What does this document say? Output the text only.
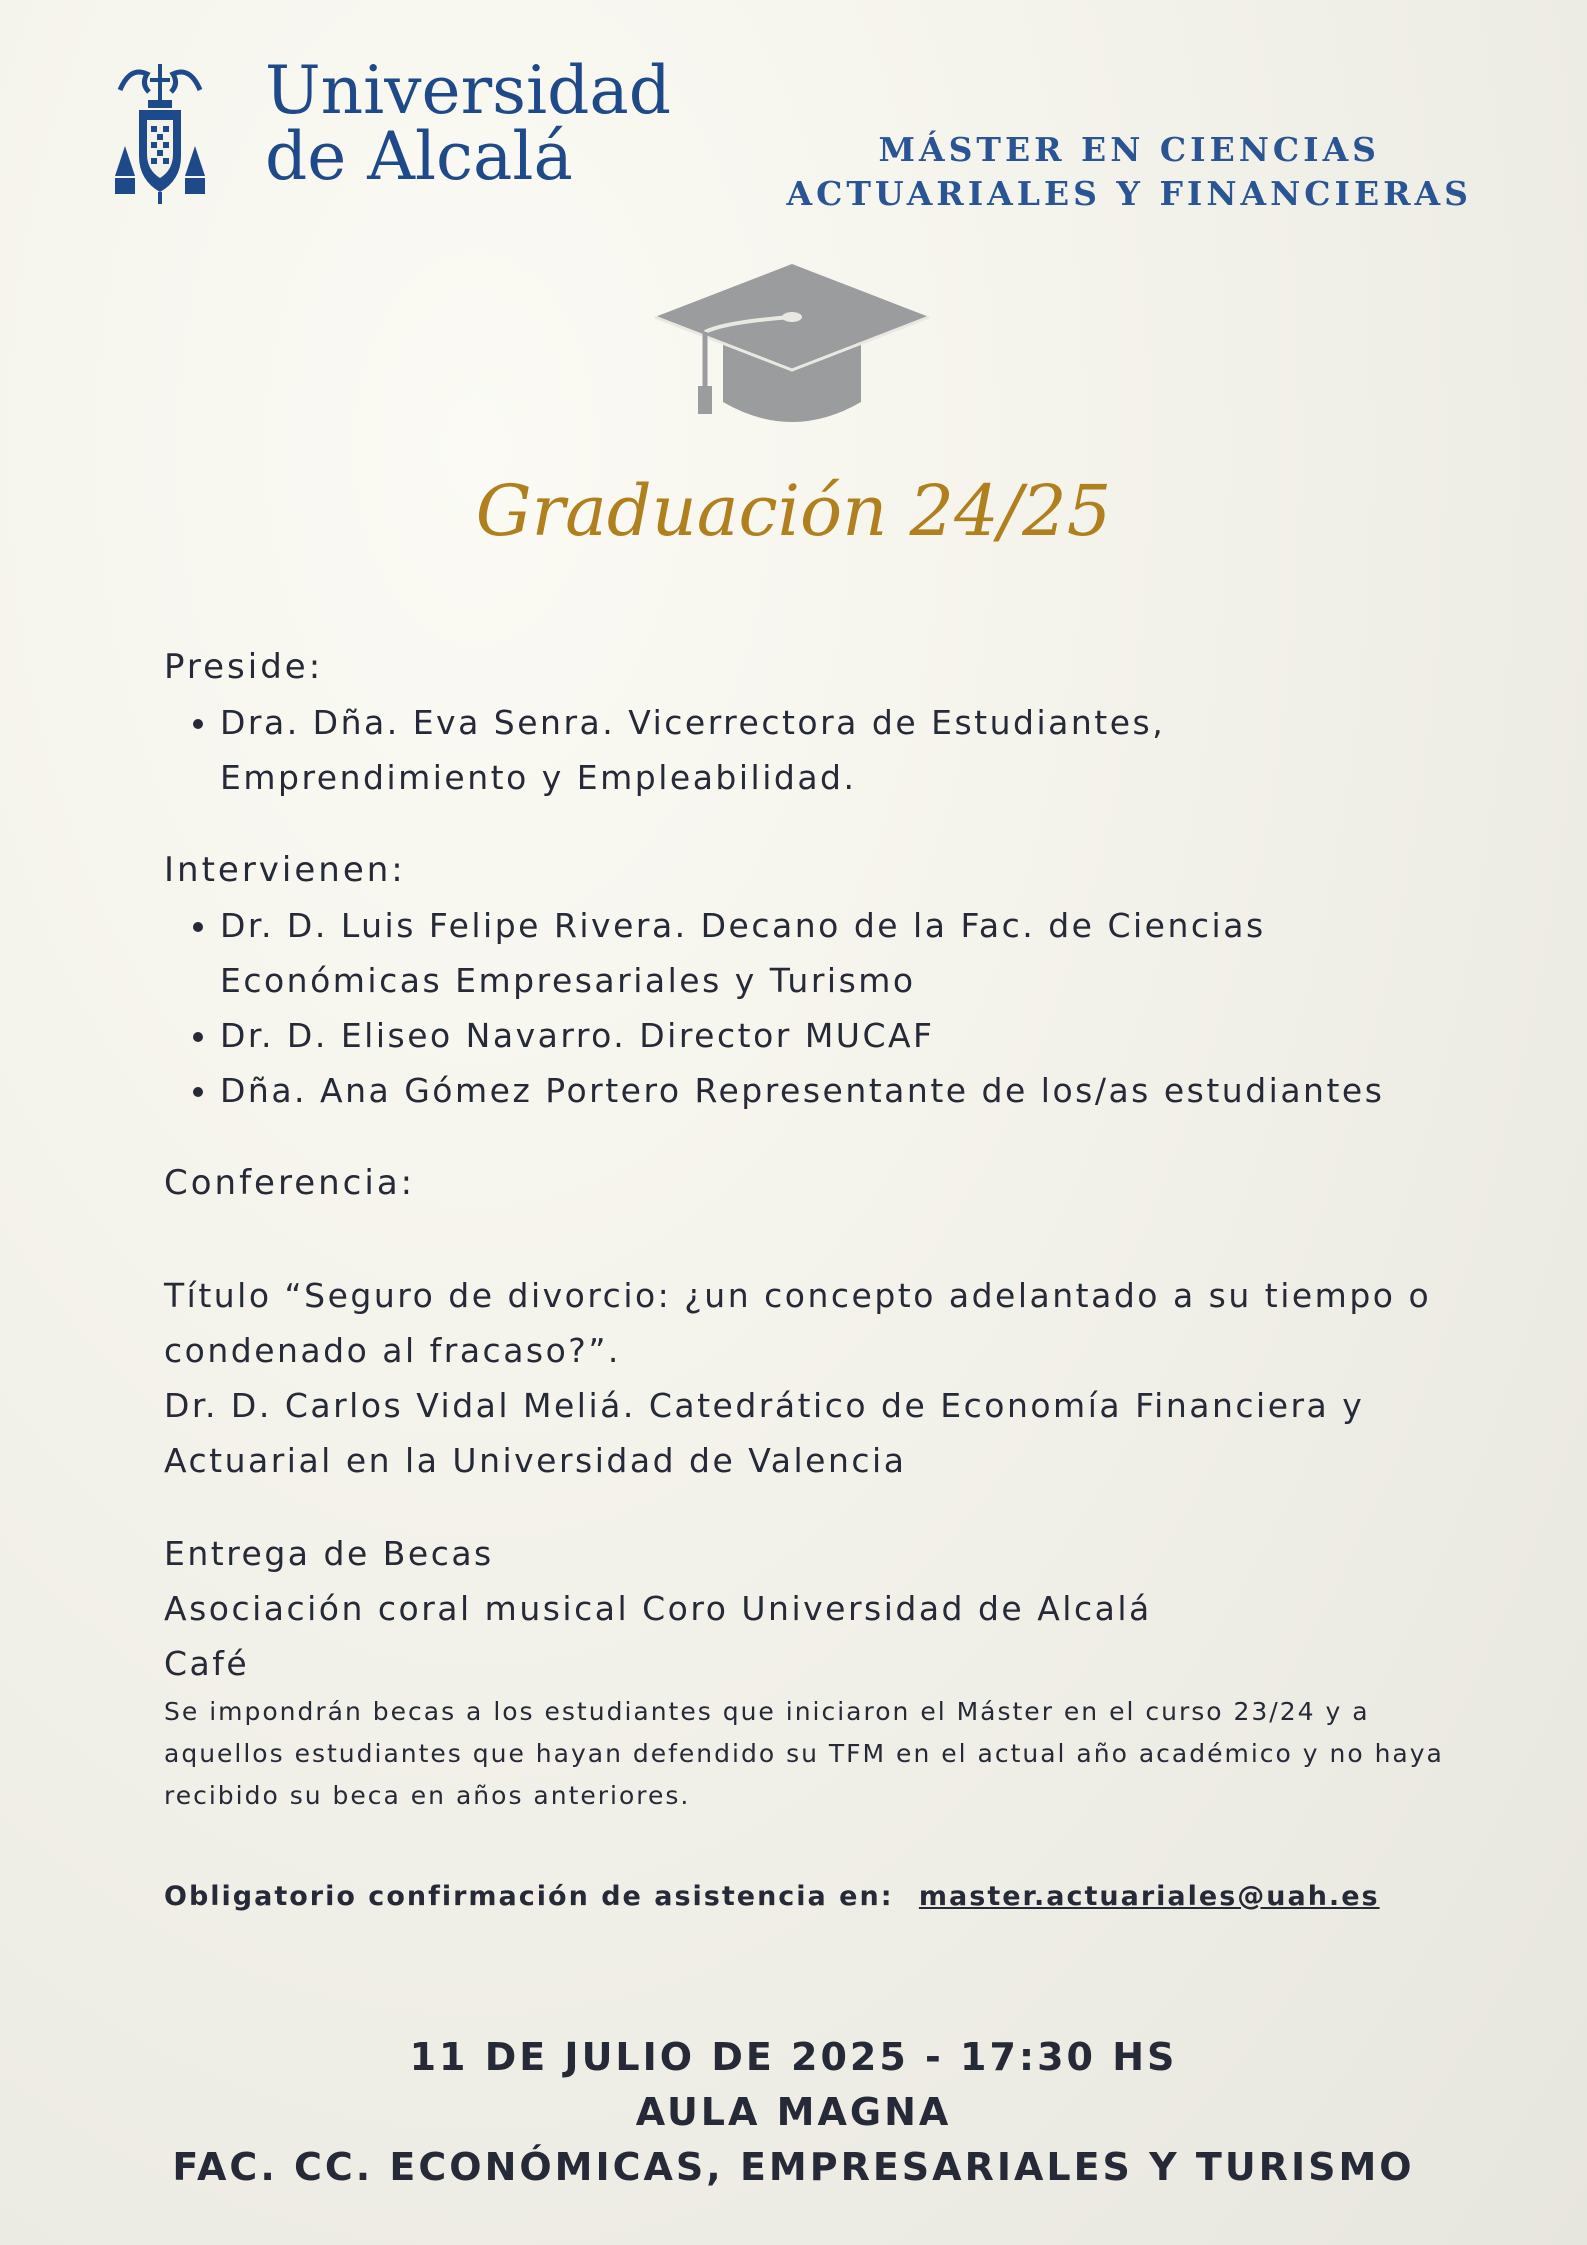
Universidad
de Alcalá	MÁSTER EN CIENCIAS
ACTUARIALES Y FINANCIERAS
Graduación 24/25
Preside:
• Dra. Dña. Eva Senra. Vicerrectora de Estudiantes, Emprendimiento y Empleabilidad.
Intervienen:
• Dr. D. Luis Felipe Rivera. Decano de la Fac. de Ciencias Económicas Empresariales y Turismo
• Dr. D. Eliseo Navarro. Director MUCAF
• Dña. Ana Gómez Portero Representante de los/as estudiantes
Conferencia:
Título “Seguro de divorcio: ¿un concepto adelantado a su tiempo o condenado al fracaso?”.
Dr. D. Carlos Vidal Meliá. Catedrático de Economía Financiera y Actuarial en la Universidad de Valencia
Entrega de Becas
Asociación coral musical Coro Universidad de Alcalá
Café
Se impondrán becas a los estudiantes que iniciaron el Máster en el curso 23/24 y a aquellos estudiantes que hayan defendido su TFM en el actual año académico y no haya recibido su beca en años anteriores.
Obligatorio confirmación de asistencia en: master.actuariales@uah.es
11 DE JULIO DE 2025 - 17:30 HS
AULA MAGNA
FAC. CC. ECONÓMICAS, EMPRESARIALES Y TURISMO
